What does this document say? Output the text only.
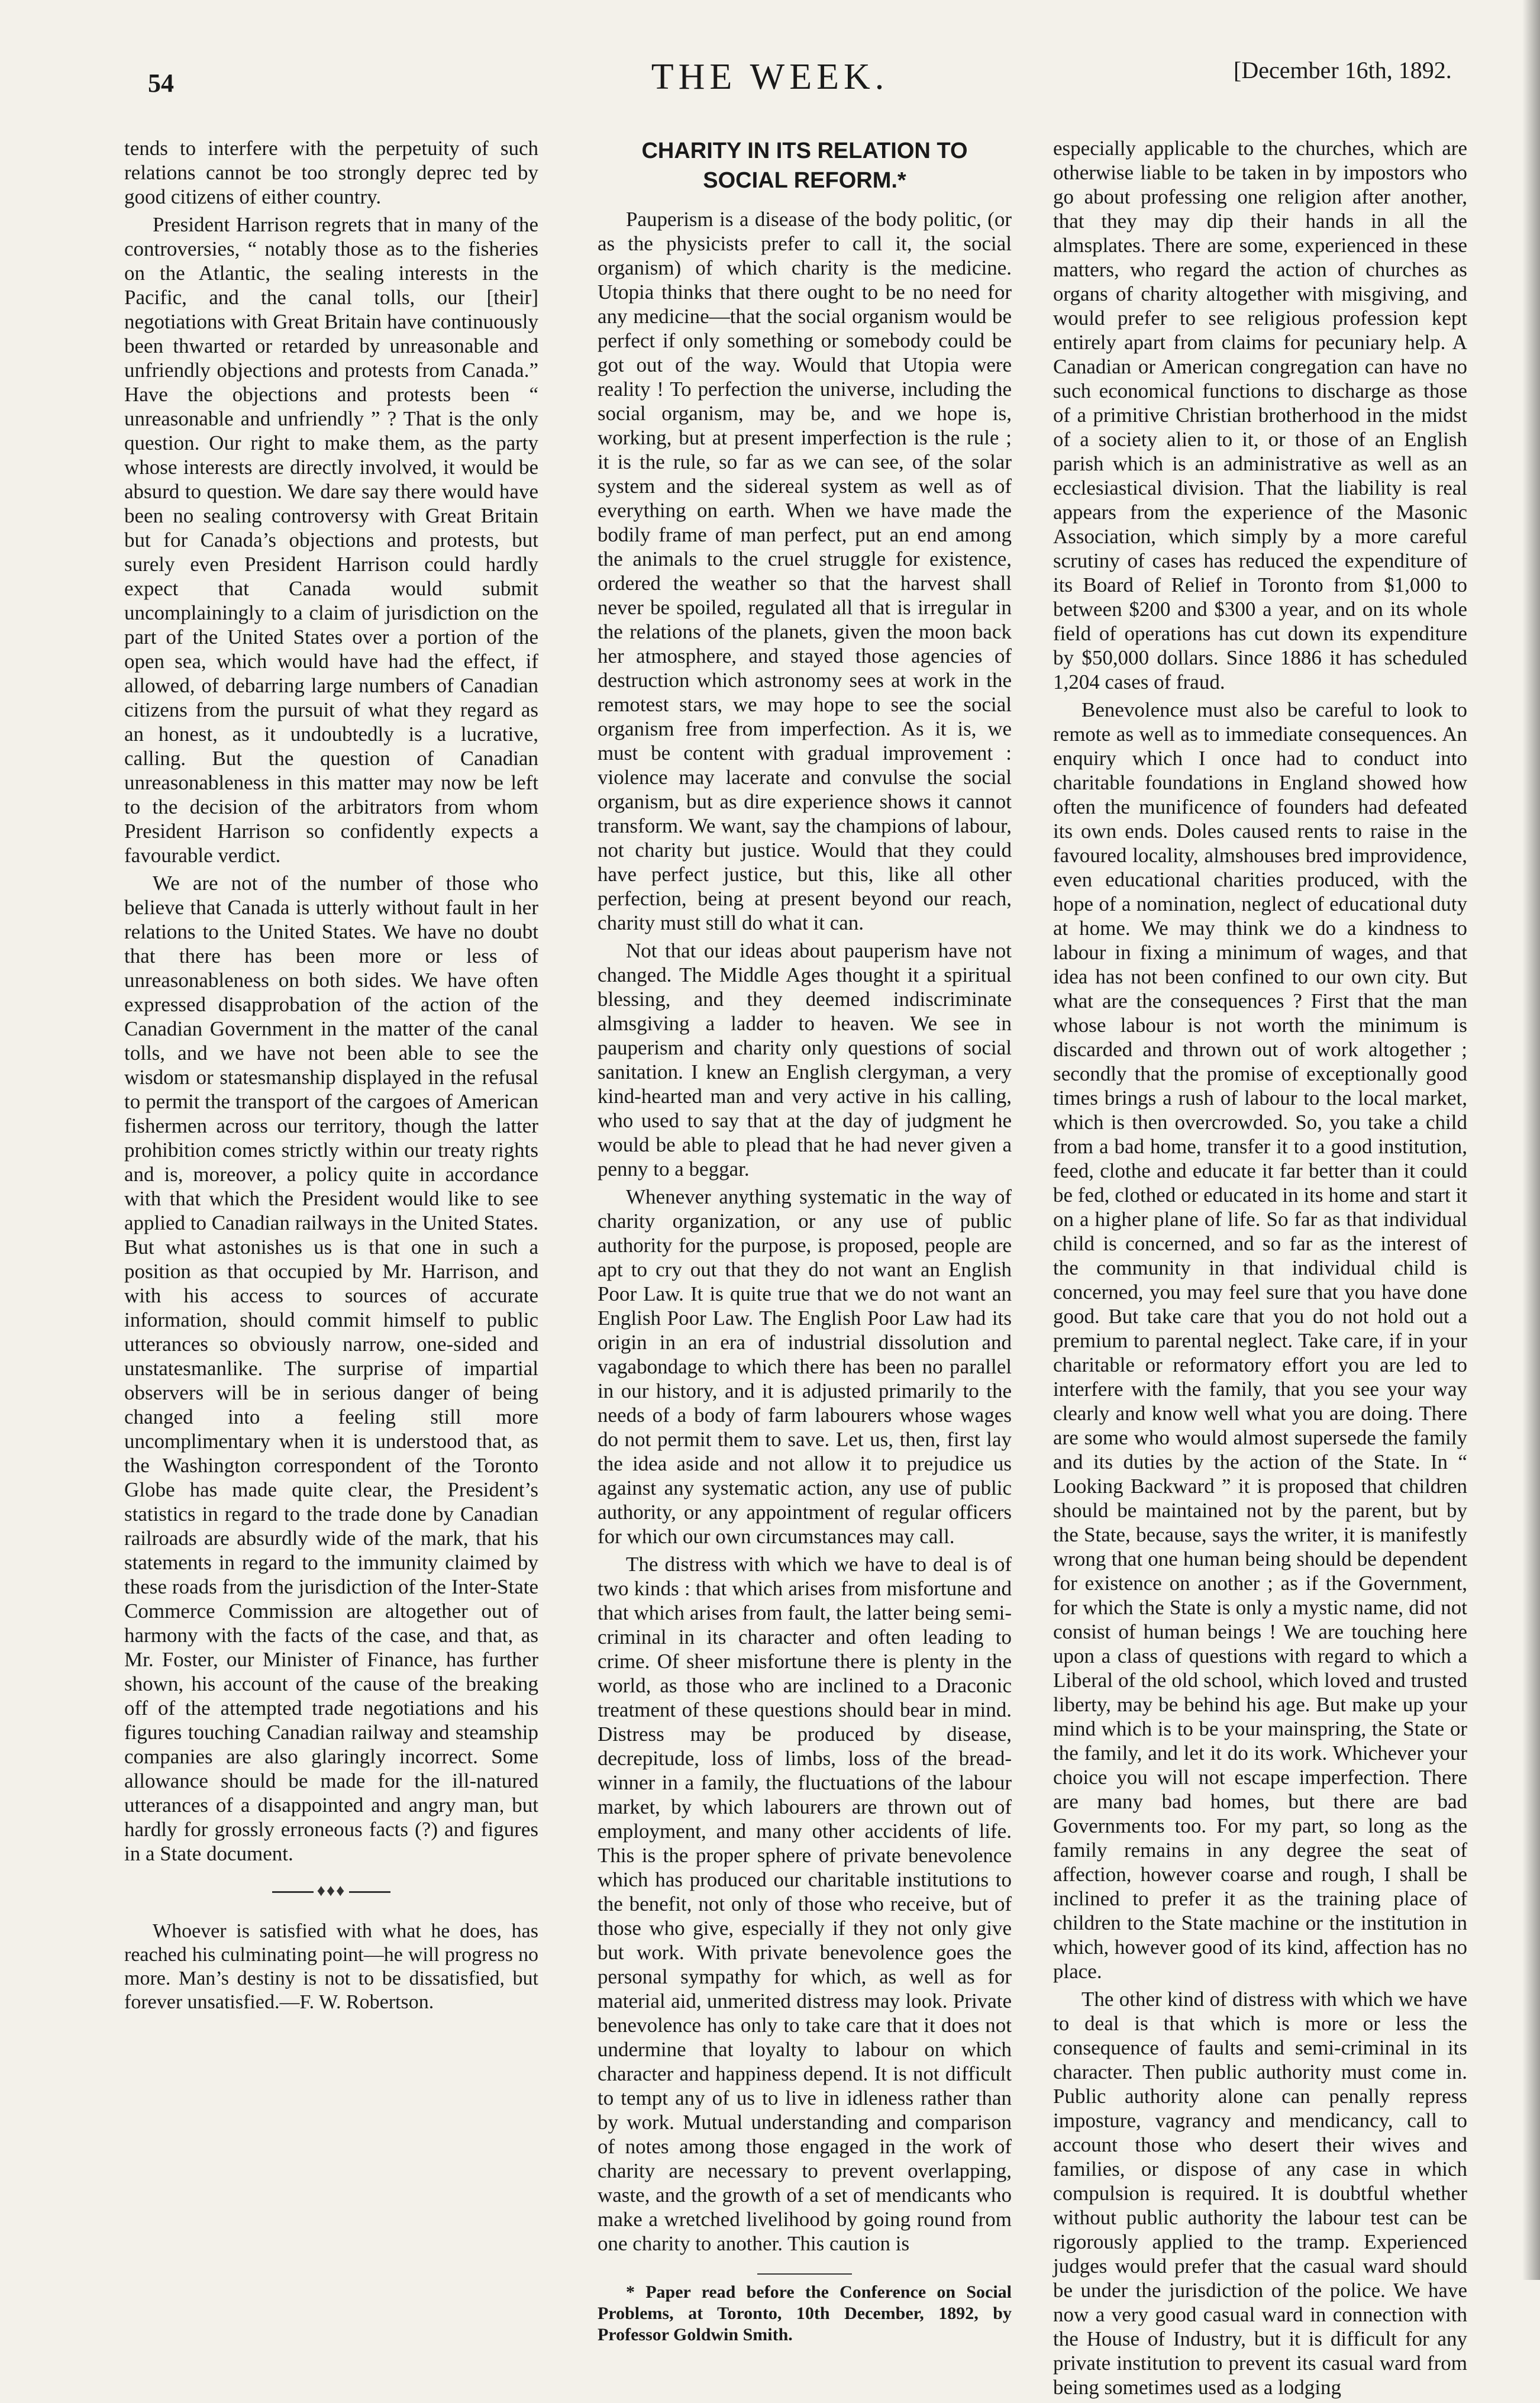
54	THE WEEK.	[December 16th, 1892.

tends to interfere with the perpetuity of such relations cannot be too strongly deprec ted by good citizens of either country.

President Harrison regrets that in many of the controversies, “ notably those as to the fisheries on the Atlantic, the sealing interests in the Pacific, and the canal tolls, our [their] negotiations with Great Britain have continuously been thwarted or retarded by unreasonable and unfriendly objections and protests from Canada.” Have the objections and protests been “ unreasonable and unfriendly ” ? That is the only question. Our right to make them, as the party whose interests are directly involved, it would be absurd to question. We dare say there would have been no sealing controversy with Great Britain but for Canada’s objections and protests, but surely even President Harrison could hardly expect that Canada would submit uncomplainingly to a claim of jurisdiction on the part of the United States over a portion of the open sea, which would have had the effect, if allowed, of debarring large numbers of Canadian citizens from the pursuit of what they regard as an honest, as it undoubtedly is a lucrative, calling. But the question of Canadian unreasonableness in this matter may now be left to the decision of the arbitrators from whom President Harrison so confidently expects a favourable verdict.

We are not of the number of those who believe that Canada is utterly without fault in her relations to the United States. We have no doubt that there has been more or less of unreasonableness on both sides. We have often expressed disapprobation of the action of the Canadian Government in the matter of the canal tolls, and we have not been able to see the wisdom or statesmanship displayed in the refusal to permit the transport of the cargoes of American fishermen across our territory, though the latter prohibition comes strictly within our treaty rights and is, moreover, a policy quite in accordance with that which the President would like to see applied to Canadian railways in the United States. But what astonishes us is that one in such a position as that occupied by Mr. Harrison, and with his access to sources of accurate information, should commit himself to public utterances so obviously narrow, one-sided and unstatesmanlike. The surprise of impartial observers will be in serious danger of being changed into a feeling still more uncomplimentary when it is understood that, as the Washington correspondent of the Toronto Globe has made quite clear, the President’s statistics in regard to the trade done by Canadian railroads are absurdly wide of the mark, that his statements in regard to the immunity claimed by these roads from the jurisdiction of the Inter-State Commerce Commission are altogether out of harmony with the facts of the case, and that, as Mr. Foster, our Minister of Finance, has further shown, his account of the cause of the breaking off of the attempted trade negotiations and his figures touching Canadian railway and steamship companies are also glaringly incorrect. Some allowance should be made for the ill-natured utterances of a disappointed and angry man, but hardly for grossly erroneous facts (?) and figures in a State document.

♦♦♦

Whoever is satisfied with what he does, has reached his culminating point—he will progress no more. Man’s destiny is not to be dissatisfied, but forever unsatisfied.—F. W. Robertson.

CHARITY IN ITS RELATION TO
SOCIAL REFORM.*

Pauperism is a disease of the body politic, (or as the physicists prefer to call it, the social organism) of which charity is the medicine. Utopia thinks that there ought to be no need for any medicine—that the social organism would be perfect if only something or somebody could be got out of the way. Would that Utopia were reality ! To perfection the universe, including the social organism, may be, and we hope is, working, but at present imperfection is the rule ; it is the rule, so far as we can see, of the solar system and the sidereal system as well as of everything on earth. When we have made the bodily frame of man perfect, put an end among the animals to the cruel struggle for existence, ordered the weather so that the harvest shall never be spoiled, regulated all that is irregular in the relations of the planets, given the moon back her atmosphere, and stayed those agencies of destruction which astronomy sees at work in the remotest stars, we may hope to see the social organism free from imperfection. As it is, we must be content with gradual improvement : violence may lacerate and convulse the social organism, but as dire experience shows it cannot transform. We want, say the champions of labour, not charity but justice. Would that they could have perfect justice, but this, like all other perfection, being at present beyond our reach, charity must still do what it can.

Not that our ideas about pauperism have not changed. The Middle Ages thought it a spiritual blessing, and they deemed indiscriminate almsgiving a ladder to heaven. We see in pauperism and charity only questions of social sanitation. I knew an English clergyman, a very kind-hearted man and very active in his calling, who used to say that at the day of judgment he would be able to plead that he had never given a penny to a beggar.

Whenever anything systematic in the way of charity organization, or any use of public authority for the purpose, is proposed, people are apt to cry out that they do not want an English Poor Law. It is quite true that we do not want an English Poor Law. The English Poor Law had its origin in an era of industrial dissolution and vagabondage to which there has been no parallel in our history, and it is adjusted primarily to the needs of a body of farm labourers whose wages do not permit them to save. Let us, then, first lay the idea aside and not allow it to prejudice us against any systematic action, any use of public authority, or any appointment of regular officers for which our own circumstances may call.

The distress with which we have to deal is of two kinds : that which arises from misfortune and that which arises from fault, the latter being semi-criminal in its character and often leading to crime. Of sheer misfortune there is plenty in the world, as those who are inclined to a Draconic treatment of these questions should bear in mind. Distress may be produced by disease, decrepitude, loss of limbs, loss of the bread-winner in a family, the fluctuations of the labour market, by which labourers are thrown out of employment, and many other accidents of life. This is the proper sphere of private benevolence which has produced our charitable institutions to the benefit, not only of those who receive, but of those who give, especially if they not only give but work. With private benevolence goes the personal sympathy for which, as well as for material aid, unmerited distress may look. Private benevolence has only to take care that it does not undermine that loyalty to labour on which character and happiness depend. It is not difficult to tempt any of us to live in idleness rather than by work. Mutual understanding and comparison of notes among those engaged in the work of charity are necessary to prevent overlapping, waste, and the growth of a set of mendicants who make a wretched livelihood by going round from one charity to another. This caution is

* Paper read before the Conference on Social Problems, at Toronto, 10th December, 1892, by Professor Goldwin Smith.

especially applicable to the churches, which are otherwise liable to be taken in by impostors who go about professing one religion after another, that they may dip their hands in all the almsplates. There are some, experienced in these matters, who regard the action of churches as organs of charity altogether with misgiving, and would prefer to see religious profession kept entirely apart from claims for pecuniary help. A Canadian or American congregation can have no such economical functions to discharge as those of a primitive Christian brotherhood in the midst of a society alien to it, or those of an English parish which is an administrative as well as an ecclesiastical division. That the liability is real appears from the experience of the Masonic Association, which simply by a more careful scrutiny of cases has reduced the expenditure of its Board of Relief in Toronto from $1,000 to between $200 and $300 a year, and on its whole field of operations has cut down its expenditure by $50,000 dollars. Since 1886 it has scheduled 1,204 cases of fraud.

Benevolence must also be careful to look to remote as well as to immediate consequences. An enquiry which I once had to conduct into charitable foundations in England showed how often the munificence of founders had defeated its own ends. Doles caused rents to raise in the favoured locality, almshouses bred improvidence, even educational charities produced, with the hope of a nomination, neglect of educational duty at home. We may think we do a kindness to labour in fixing a minimum of wages, and that idea has not been confined to our own city. But what are the consequences ? First that the man whose labour is not worth the minimum is discarded and thrown out of work altogether ; secondly that the promise of exceptionally good times brings a rush of labour to the local market, which is then overcrowded. So, you take a child from a bad home, transfer it to a good institution, feed, clothe and educate it far better than it could be fed, clothed or educated in its home and start it on a higher plane of life. So far as that individual child is concerned, and so far as the interest of the community in that individual child is concerned, you may feel sure that you have done good. But take care that you do not hold out a premium to parental neglect. Take care, if in your charitable or reformatory effort you are led to interfere with the family, that you see your way clearly and know well what you are doing. There are some who would almost supersede the family and its duties by the action of the State. In “ Looking Backward ” it is proposed that children should be maintained not by the parent, but by the State, because, says the writer, it is manifestly wrong that one human being should be dependent for existence on another ; as if the Government, for which the State is only a mystic name, did not consist of human beings ! We are touching here upon a class of questions with regard to which a Liberal of the old school, which loved and trusted liberty, may be behind his age. But make up your mind which is to be your mainspring, the State or the family, and let it do its work. Whichever your choice you will not escape imperfection. There are many bad homes, but there are bad Governments too. For my part, so long as the family remains in any degree the seat of affection, however coarse and rough, I shall be inclined to prefer it as the training place of children to the State machine or the institution in which, however good of its kind, affection has no place.

The other kind of distress with which we have to deal is that which is more or less the consequence of faults and semi-criminal in its character. Then public authority must come in. Public authority alone can penally repress imposture, vagrancy and mendicancy, call to account those who desert their wives and families, or dispose of any case in which compulsion is required. It is doubtful whether without public authority the labour test can be rigorously applied to the tramp. Experienced judges would prefer that the casual ward should be under the jurisdiction of the police. We have now a very good casual ward in connection with the House of Industry, but it is difficult for any private institution to prevent its casual ward from being sometimes used as a lodging
